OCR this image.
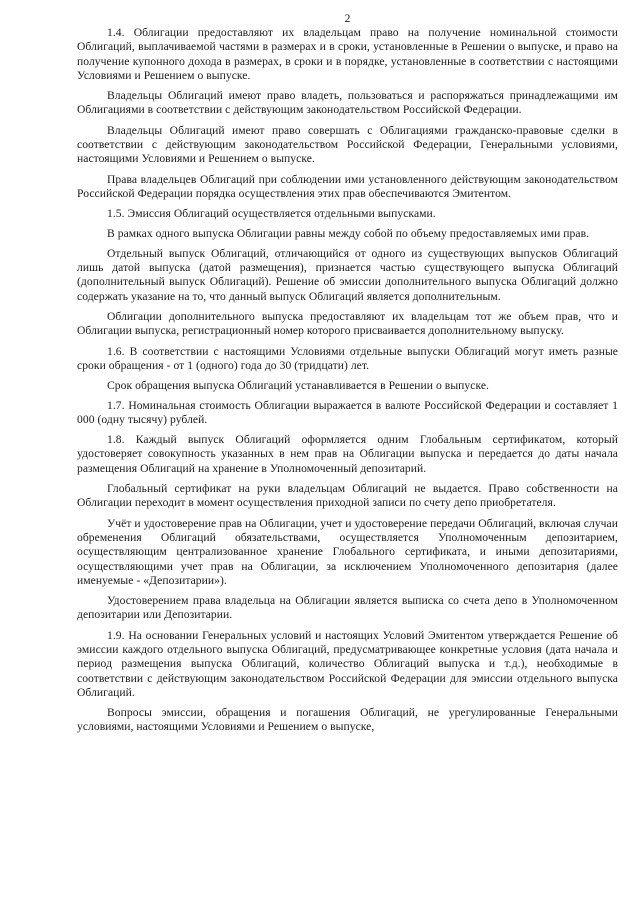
2

1.4. Облигации предоставляют их владельцам право на получение номинальной стоимости Облигаций, выплачиваемой частями в размерах и в сроки, установленные в Решении о выпуске, и право на получение купонного дохода в размерах, в сроки и в порядке, установленные в соответствии с настоящими Условиями и Решением о выпуске.

Владельцы Облигаций имеют право владеть, пользоваться и распоряжаться принадлежащими им Облигациями в соответствии с действующим законодательством Российской Федерации.

Владельцы Облигаций имеют право совершать с Облигациями гражданско-правовые сделки в соответствии с действующим законодательством Российской Федерации, Генеральными условиями, настоящими Условиями и Решением о выпуске.

Права владельцев Облигаций при соблюдении ими установленного действующим законодательством Российской Федерации порядка осуществления этих прав обеспечиваются Эмитентом.

1.5. Эмиссия Облигаций осуществляется отдельными выпусками.

В рамках одного выпуска Облигации равны между собой по объему предоставляемых ими прав.

Отдельный выпуск Облигаций, отличающийся от одного из существующих выпусков Облигаций лишь датой выпуска (датой размещения), признается частью существующего выпуска Облигаций (дополнительный выпуск Облигаций). Решение об эмиссии дополнительного выпуска Облигаций должно содержать указание на то, что данный выпуск Облигаций является дополнительным.

Облигации дополнительного выпуска предоставляют их владельцам тот же объем прав, что и Облигации выпуска, регистрационный номер которого присваивается дополнительному выпуску.

1.6. В соответствии с настоящими Условиями отдельные выпуски Облигаций могут иметь разные сроки обращения - от 1 (одного) года до 30 (тридцати) лет.

Срок обращения выпуска Облигаций устанавливается в Решении о выпуске.

1.7. Номинальная стоимость Облигации выражается в валюте Российской Федерации и составляет 1 000 (одну тысячу) рублей.

1.8. Каждый выпуск Облигаций оформляется одним Глобальным сертификатом, который удостоверяет совокупность указанных в нем прав на Облигации выпуска и передается до даты начала размещения Облигаций на хранение в Уполномоченный депозитарий.

Глобальный сертификат на руки владельцам Облигаций не выдается. Право собственности на Облигации переходит в момент осуществления приходной записи по счету депо приобретателя.

Учёт и удостоверение прав на Облигации, учет и удостоверение передачи Облигаций, включая случаи обременения Облигаций обязательствами, осуществляется Уполномоченным депозитарием, осуществляющим централизованное хранение Глобального сертификата, и иными депозитариями, осуществляющими учет прав на Облигации, за исключением Уполномоченного депозитария (далее именуемые - «Депозитарии»).

Удостоверением права владельца на Облигации является выписка со счета депо в Уполномоченном депозитарии или Депозитарии.

1.9. На основании Генеральных условий и настоящих Условий Эмитентом утверждается Решение об эмиссии каждого отдельного выпуска Облигаций, предусматривающее конкретные условия (дата начала и период размещения выпуска Облигаций, количество Облигаций выпуска и т.д.), необходимые в соответствии с действующим законодательством Российской Федерации для эмиссии отдельного выпуска Облигаций.

Вопросы эмиссии, обращения и погашения Облигаций, не урегулированные Генеральными условиями, настоящими Условиями и Решением о выпуске,
